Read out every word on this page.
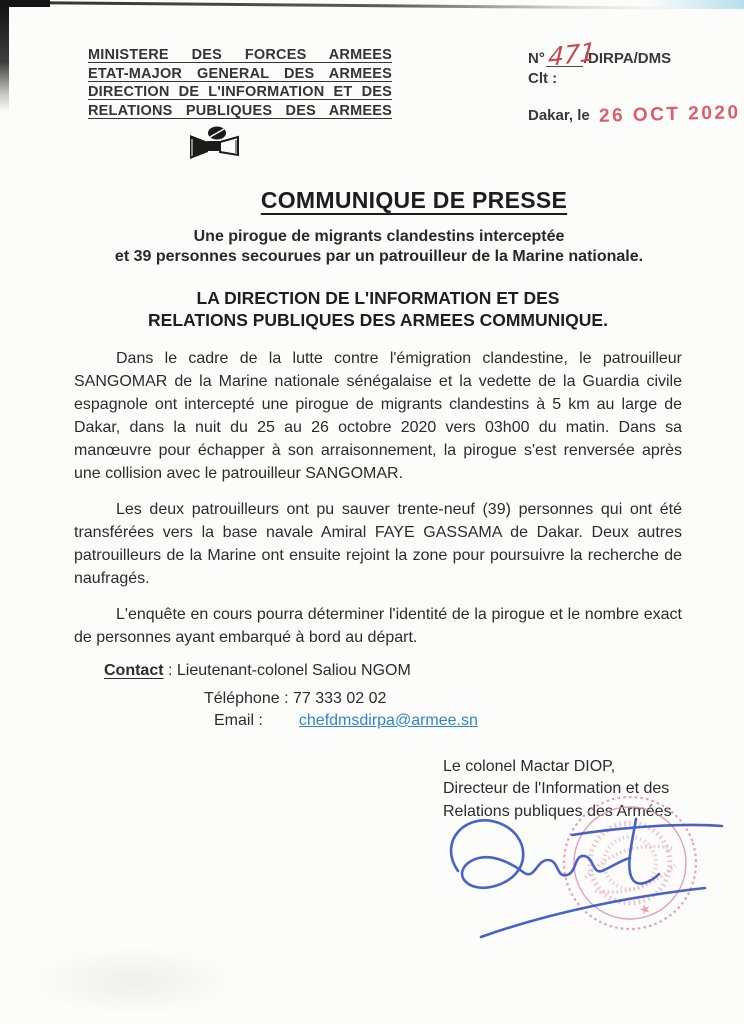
MINISTERE DES FORCES ARMEES
ETAT-MAJOR GENERAL DES ARMEES
DIRECTION DE L'INFORMATION ET DES
RELATIONS PUBLIQUES DES ARMEES
N° 471
/DIRPA/DMS
Clt :
Dakar, le 26 OCT 2020
COMMUNIQUE DE PRESSE
Une pirogue de migrants clandestins interceptée
et 39 personnes secourues par un patrouilleur de la Marine nationale.
LA DIRECTION DE L'INFORMATION ET DES
RELATIONS PUBLIQUES DES ARMEES COMMUNIQUE.

Dans le cadre de la lutte contre l'émigration clandestine, le patrouilleur SANGOMAR de la Marine nationale sénégalaise et la vedette de la Guardia civile espagnole ont intercepté une pirogue de migrants clandestins à 5 km au large de Dakar, dans la nuit du 25 au 26 octobre 2020 vers 03h00 du matin. Dans sa manœuvre pour échapper à son arraisonnement, la pirogue s'est renversée après une collision avec le patrouilleur SANGOMAR.

Les deux patrouilleurs ont pu sauver trente-neuf (39) personnes qui ont été transférées vers la base navale Amiral FAYE GASSAMA de Dakar. Deux autres patrouilleurs de la Marine ont ensuite rejoint la zone pour poursuivre la recherche de naufragés.

L'enquête en cours pourra déterminer l'identité de la pirogue et le nombre exact de personnes ayant embarqué à bord au départ.

Contact : Lieutenant-colonel Saliou NGOM
Téléphone : 77 333 02 02
Email : chefdmsdirpa@armee.sn
Le colonel Mactar DIOP,
Directeur de l'Information et des
Relations publiques des Armées
★
